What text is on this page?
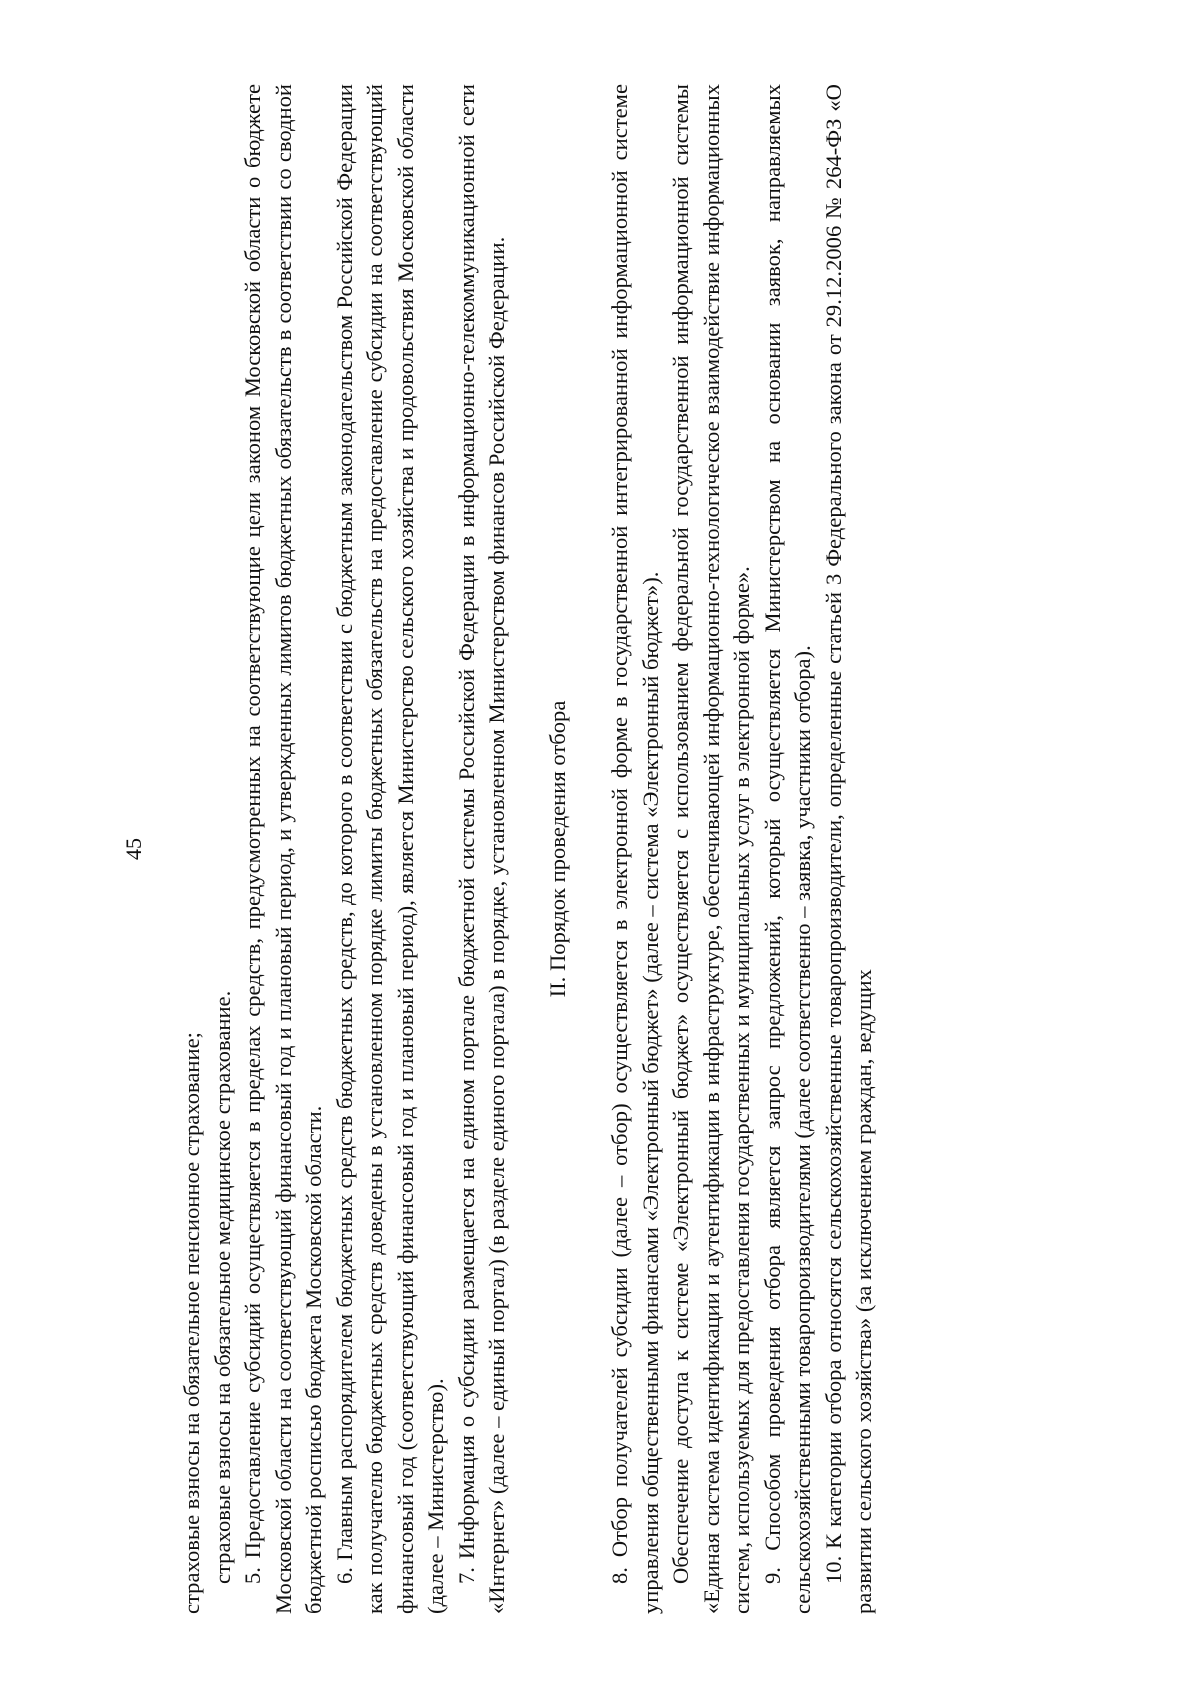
45

страховые взносы на обязательное пенсионное страхование; страховые взносы на обязательное медицинское страхование. 5. Предоставление субсидий осуществляется в пределах средств, предусмотренных на соответствующие цели законом Московской области о бюджете Московской области на соответствующий финансовый год и плановый период, и утвержденных лимитов бюджетных обязательств в соответствии со сводной бюджетной росписью бюджета Московской области. 6. Главным распорядителем бюджетных средств бюджетных средств, до которого в соответствии с бюджетным законодательством Российской Федерации как получателю бюджетных средств доведены в установленном порядке лимиты бюджетных обязательств на предоставление субсидии на соответствующий финансовый год (соответствующий финансовый год и плановый период), является Министерство сельского хозяйства и продовольствия Московской области (далее – Министерство). 7. Информация о субсидии размещается на едином портале бюджетной системы Российской Федерации в информационно-телекоммуникационной сети «Интернет» (далее – единый портал) (в разделе единого портала) в порядке, установленном Министерством финансов Российской Федерации.	II. Порядок проведения отбора	8. Отбор получателей субсидии (далее – отбор) осуществляется в электронной форме в государственной интегрированной информационной системе управления общественными финансами «Электронный бюджет» (далее – система «Электронный бюджет»). Обеспечение доступа к системе «Электронный бюджет» осуществляется с использованием федеральной государственной информационной системы «Единая система идентификации и аутентификации в инфраструктуре, обеспечивающей информационно-технологическое взаимодействие информационных систем, используемых для предоставления государственных и муниципальных услуг в электронной форме». 9. Способом проведения отбора является запрос предложений, который осуществляется Министерством на основании заявок, направляемых сельскохозяйственными товаропроизводителями (далее соответственно – заявка, участники отбора). 10. К категории отбора относятся сельскохозяйственные товаропроизводители, определенные статьей 3 Федерального закона от 29.12.2006 № 264-ФЗ «О развитии сельского хозяйства» (за исключением граждан, ведущих
